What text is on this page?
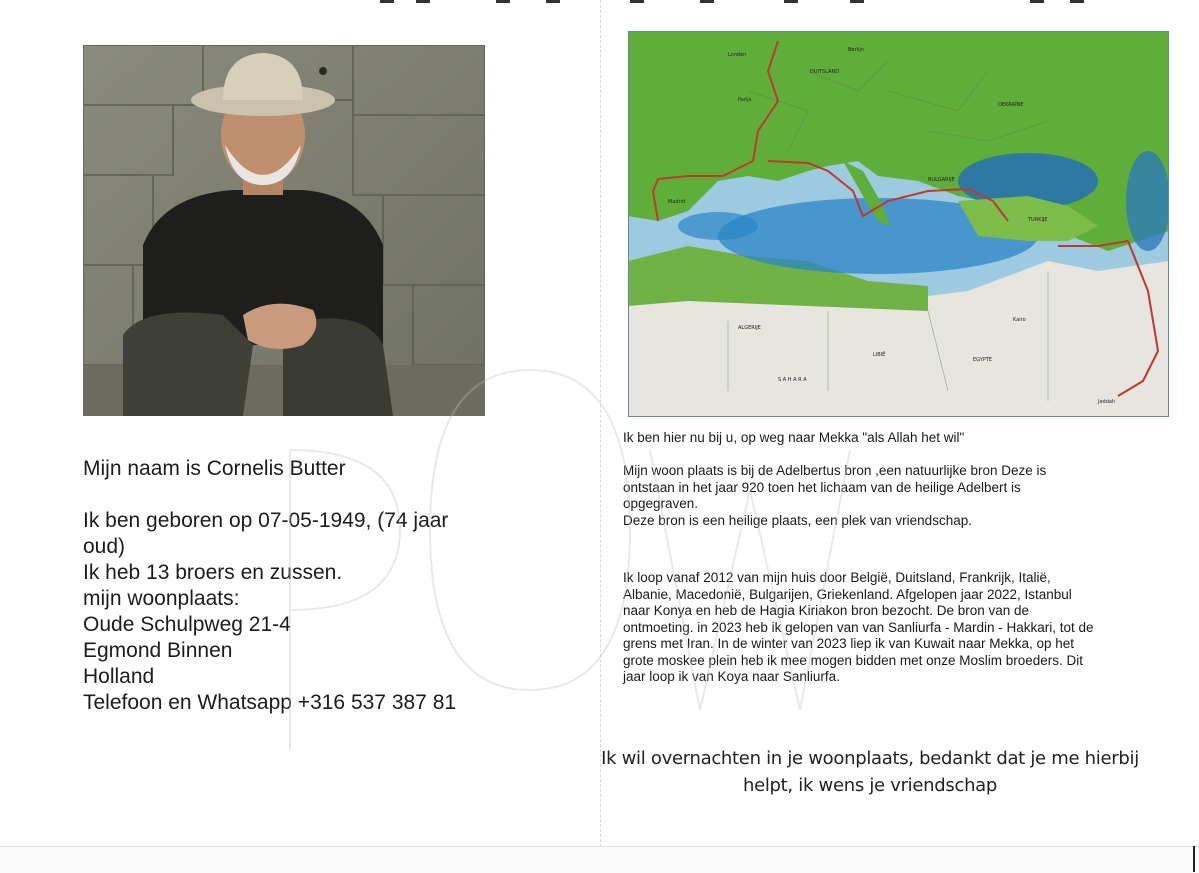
DUITSLAND
Parijs
Madrid
ALGERIJE
LIBIË
EGYPTE
S A H A R A
OEKRAÏNE
TURKIJE
BULGARIJE
Kairo
Berlijn
Londen
Jeddah
Mijn naam is Cornelis Butter
Ik ben geboren op 07-05-1949, (74 jaar
oud)
Ik heb 13 broers en zussen.
mijn woonplaats:
Oude Schulpweg 21-4
Egmond Binnen
Holland
Telefoon en Whatsapp +316 537 387 81
Ik ben hier nu bij u, op weg naar Mekka "als Allah het wil"
Mijn woon plaats is bij de Adelbertus bron ,een natuurlijke bron Deze is
ontstaan in het jaar 920 toen het lichaam van de heilige Adelbert is
opgegraven.
Deze bron is een heilige plaats, een plek van vriendschap.
Ik loop vanaf 2012 van mijn huis door België, Duitsland, Frankrijk, Italië,
Albanie, Macedonië, Bulgarijen, Griekenland. Afgelopen jaar 2022, Istanbul
naar Konya en heb de Hagia Kiriakon bron bezocht. De bron van de
ontmoeting. in 2023 heb ik gelopen van van Sanliurfa - Mardin - Hakkari, tot de
grens met Iran. In de winter van 2023 liep ik van Kuwait naar Mekka, op het
grote moskee plein heb ik mee mogen bidden met onze Moslim broeders. Dit
jaar loop ik van Koya naar Sanliurfa.
Ik wil overnachten in je woonplaats, bedankt dat je me hierbij
helpt, ik wens je vriendschap
